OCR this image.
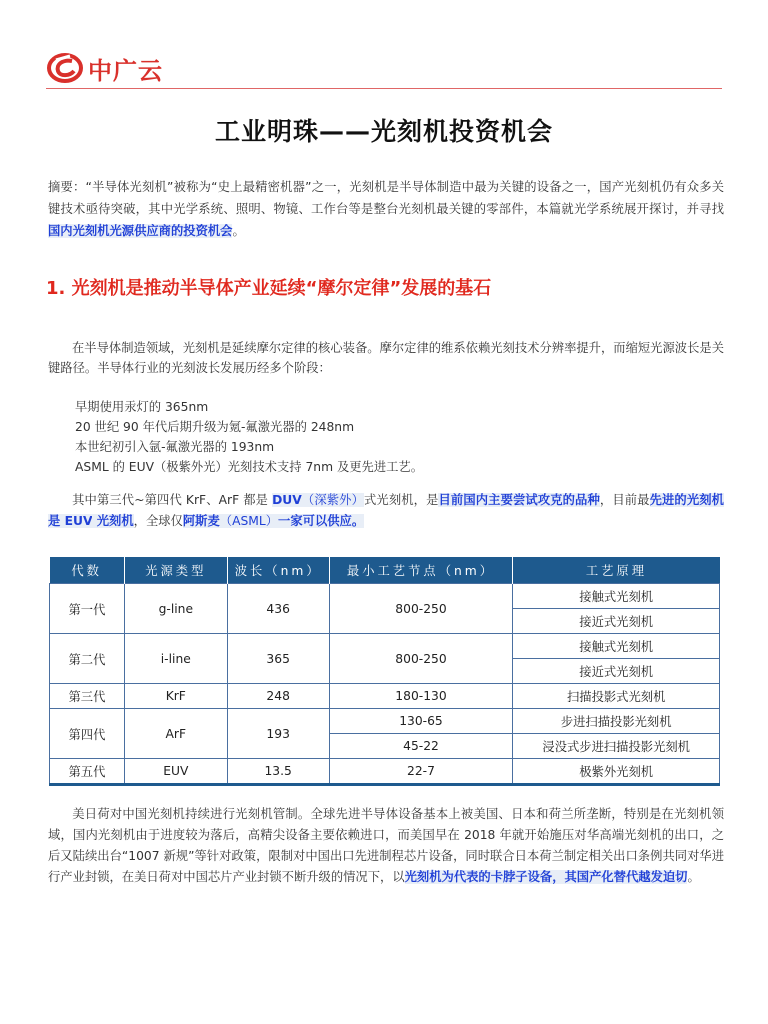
中广云
工业明珠——光刻机投资机会
摘要：“半导体光刻机”被称为“史上最精密机器”之一，光刻机是半导体制造中最为关键的设备之一，国产光刻机仍有众多关键技术亟待突破，其中光学系统、照明、物镜、工作台等是整台光刻机最关键的零部件，本篇就光学系统展开探讨，并寻找国内光刻机光源供应商的投资机会。
1. 光刻机是推动半导体产业延续“摩尔定律”发展的基石
在半导体制造领域，光刻机是延续摩尔定律的核心装备。摩尔定律的维系依赖光刻技术分辨率提升，而缩短光源波长是关键路径。半导体行业的光刻波长发展历经多个阶段：
早期使用汞灯的 365nm
20 世纪 90 年代后期升级为氪-氟激光器的 248nm
本世纪初引入氩-氟激光器的 193nm
ASML 的 EUV（极紫外光）光刻技术支持 7nm 及更先进工艺。
其中第三代~第四代 KrF、ArF 都是 DUV（深紫外）式光刻机，是目前国内主要尝试攻克的品种，目前最先进的光刻机是 EUV 光刻机，全球仅阿斯麦（ASML）一家可以供应。
代数	光源类型	波长（nm）	最小工艺节点（nm）	工艺原理
第一代	g-line	436	800-250	接触式光刻机
				接近式光刻机
第二代	i-line	365	800-250	接触式光刻机
				接近式光刻机
第三代	KrF	248	180-130	扫描投影式光刻机
第四代	ArF	193	130-65	步进扫描投影光刻机
			45-22	浸没式步进扫描投影光刻机
第五代	EUV	13.5	22-7	极紫外光刻机
美日荷对中国光刻机持续进行光刻机管制。全球先进半导体设备基本上被美国、日本和荷兰所垄断，特别是在光刻机领域，国内光刻机由于进度较为落后，高精尖设备主要依赖进口，而美国早在 2018 年就开始施压对华高端光刻机的出口，之后又陆续出台“1007 新规”等针对政策，限制对中国出口先进制程芯片设备，同时联合日本荷兰制定相关出口条例共同对华进行产业封锁，在美日荷对中国芯片产业封锁不断升级的情况下，以光刻机为代表的卡脖子设备，其国产化替代越发迫切。
